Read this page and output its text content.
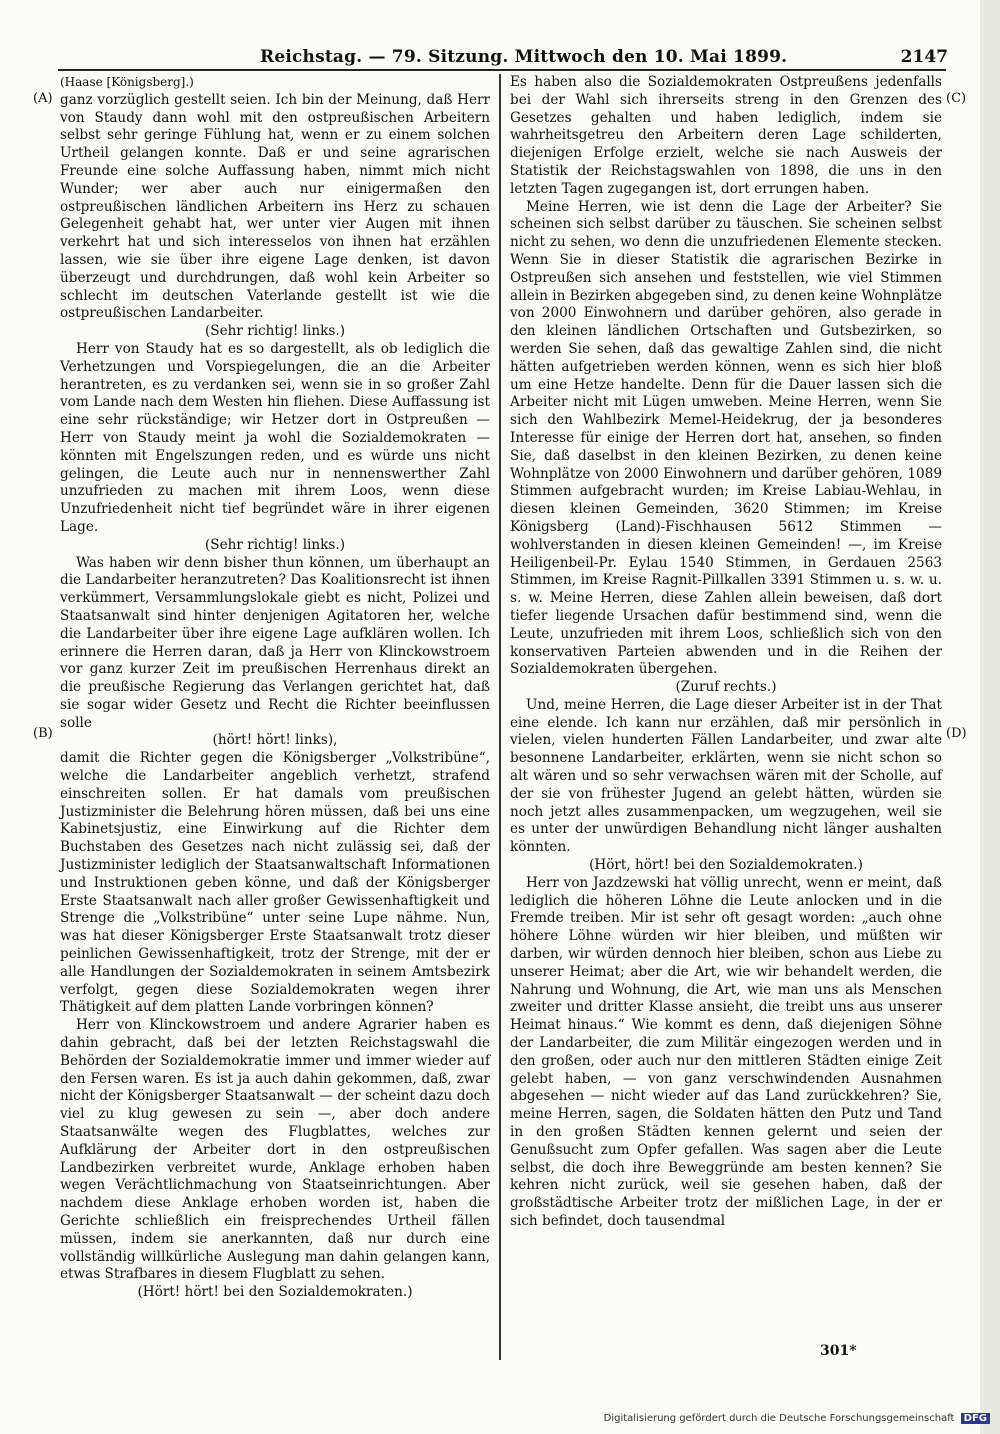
Reichstag. — 79. Sitzung. Mittwoch den 10. Mai 1899.	2147
(A)
(B)
(C)
(D)

(Haase [Königsberg].)

ganz vorzüglich gestellt seien. Ich bin der Meinung, daß Herr von Staudy dann wohl mit den ostpreußischen Arbeitern selbst sehr geringe Fühlung hat, wenn er zu einem solchen Urtheil gelangen konnte. Daß er und seine agrarischen Freunde eine solche Auffassung haben, nimmt mich nicht Wunder; wer aber auch nur einigermaßen den ostpreußischen ländlichen Arbeitern ins Herz zu schauen Gelegenheit gehabt hat, wer unter vier Augen mit ihnen verkehrt hat und sich interesselos von ihnen hat erzählen lassen, wie sie über ihre eigene Lage denken, ist davon überzeugt und durchdrungen, daß wohl kein Arbeiter so schlecht im deutschen Vaterlande gestellt ist wie die ostpreußischen Landarbeiter.

(Sehr richtig! links.)

Herr von Staudy hat es so dargestellt, als ob lediglich die Verhetzungen und Vorspiegelungen, die an die Arbeiter herantreten, es zu verdanken sei, wenn sie in so großer Zahl vom Lande nach dem Westen hin fliehen. Diese Auffassung ist eine sehr rückständige; wir Hetzer dort in Ostpreußen — Herr von Staudy meint ja wohl die Sozialdemokraten — könnten mit Engelszungen reden, und es würde uns nicht gelingen, die Leute auch nur in nennenswerther Zahl unzufrieden zu machen mit ihrem Loos, wenn diese Unzufriedenheit nicht tief begründet wäre in ihrer eigenen Lage.

(Sehr richtig! links.)

Was haben wir denn bisher thun können, um überhaupt an die Landarbeiter heranzutreten? Das Koalitionsrecht ist ihnen verkümmert, Versammlungslokale giebt es nicht, Polizei und Staatsanwalt sind hinter denjenigen Agitatoren her, welche die Landarbeiter über ihre eigene Lage aufklären wollen. Ich erinnere die Herren daran, daß ja Herr von Klinckowstroem vor ganz kurzer Zeit im preußischen Herrenhaus direkt an die preußische Regierung das Verlangen gerichtet hat, daß sie sogar wider Gesetz und Recht die Richter beeinflussen solle

(hört! hört! links),

damit die Richter gegen die Königsberger „Volkstribüne“, welche die Landarbeiter angeblich verhetzt, strafend einschreiten sollen. Er hat damals vom preußischen Justizminister die Belehrung hören müssen, daß bei uns eine Kabinetsjustiz, eine Einwirkung auf die Richter dem Buchstaben des Gesetzes nach nicht zulässig sei, daß der Justizminister lediglich der Staatsanwaltschaft Informationen und Instruktionen geben könne, und daß der Königsberger Erste Staatsanwalt nach aller großer Gewissenhaftigkeit und Strenge die „Volkstribüne“ unter seine Lupe nähme. Nun, was hat dieser Königsberger Erste Staatsanwalt trotz dieser peinlichen Gewissenhaftigkeit, trotz der Strenge, mit der er alle Handlungen der Sozialdemokraten in seinem Amtsbezirk verfolgt, gegen diese Sozialdemokraten wegen ihrer Thätigkeit auf dem platten Lande vorbringen können?

Herr von Klinckowstroem und andere Agrarier haben es dahin gebracht, daß bei der letzten Reichstagswahl die Behörden der Sozialdemokratie immer und immer wieder auf den Fersen waren. Es ist ja auch dahin gekommen, daß, zwar nicht der Königsberger Staatsanwalt — der scheint dazu doch viel zu klug gewesen zu sein —, aber doch andere Staatsanwälte wegen des Flugblattes, welches zur Aufklärung der Arbeiter dort in den ostpreußischen Landbezirken verbreitet wurde, Anklage erhoben haben wegen Verächtlichmachung von Staatseinrichtungen. Aber nachdem diese Anklage erhoben worden ist, haben die Gerichte schließlich ein freisprechendes Urtheil fällen müssen, indem sie anerkannten, daß nur durch eine vollständig willkürliche Auslegung man dahin gelangen kann, etwas Strafbares in diesem Flugblatt zu sehen.

(Hört! hört! bei den Sozialdemokraten.)

Es haben also die Sozialdemokraten Ostpreußens jedenfalls bei der Wahl sich ihrerseits streng in den Grenzen des Gesetzes gehalten und haben lediglich, indem sie wahrheitsgetreu den Arbeitern deren Lage schilderten, diejenigen Erfolge erzielt, welche sie nach Ausweis der Statistik der Reichstagswahlen von 1898, die uns in den letzten Tagen zugegangen ist, dort errungen haben.

Meine Herren, wie ist denn die Lage der Arbeiter? Sie scheinen sich selbst darüber zu täuschen. Sie scheinen selbst nicht zu sehen, wo denn die unzufriedenen Elemente stecken. Wenn Sie in dieser Statistik die agrarischen Bezirke in Ostpreußen sich ansehen und feststellen, wie viel Stimmen allein in Bezirken abgegeben sind, zu denen keine Wohnplätze von 2000 Einwohnern und darüber gehören, also gerade in den kleinen ländlichen Ortschaften und Gutsbezirken, so werden Sie sehen, daß das gewaltige Zahlen sind, die nicht hätten aufgetrieben werden können, wenn es sich hier bloß um eine Hetze handelte. Denn für die Dauer lassen sich die Arbeiter nicht mit Lügen umweben. Meine Herren, wenn Sie sich den Wahlbezirk Memel-Heidekrug, der ja besonderes Interesse für einige der Herren dort hat, ansehen, so finden Sie, daß daselbst in den kleinen Bezirken, zu denen keine Wohnplätze von 2000 Einwohnern und darüber gehören, 1089 Stimmen aufgebracht wurden; im Kreise Labiau-Wehlau, in diesen kleinen Gemeinden, 3620 Stimmen; im Kreise Königsberg (Land)-Fischhausen 5612 Stimmen — wohlverstanden in diesen kleinen Gemeinden! —, im Kreise Heiligenbeil-Pr. Eylau 1540 Stimmen, in Gerdauen 2563 Stimmen, im Kreise Ragnit-Pillkallen 3391 Stimmen u. s. w. u. s. w. Meine Herren, diese Zahlen allein beweisen, daß dort tiefer liegende Ursachen dafür bestimmend sind, wenn die Leute, unzufrieden mit ihrem Loos, schließlich sich von den konservativen Parteien abwenden und in die Reihen der Sozialdemokraten übergehen.

(Zuruf rechts.)

Und, meine Herren, die Lage dieser Arbeiter ist in der That eine elende. Ich kann nur erzählen, daß mir persönlich in vielen, vielen hunderten Fällen Landarbeiter, und zwar alte besonnene Landarbeiter, erklärten, wenn sie nicht schon so alt wären und so sehr verwachsen wären mit der Scholle, auf der sie von frühester Jugend an gelebt hätten, würden sie noch jetzt alles zusammenpacken, um wegzugehen, weil sie es unter der unwürdigen Behandlung nicht länger aushalten könnten.

(Hört, hört! bei den Sozialdemokraten.)

Herr von Jazdzewski hat völlig unrecht, wenn er meint, daß lediglich die höheren Löhne die Leute anlocken und in die Fremde treiben. Mir ist sehr oft gesagt worden: „auch ohne höhere Löhne würden wir hier bleiben, und müßten wir darben, wir würden dennoch hier bleiben, schon aus Liebe zu unserer Heimat; aber die Art, wie wir behandelt werden, die Nahrung und Wohnung, die Art, wie man uns als Menschen zweiter und dritter Klasse ansieht, die treibt uns aus unserer Heimat hinaus.“ Wie kommt es denn, daß diejenigen Söhne der Landarbeiter, die zum Militär eingezogen werden und in den großen, oder auch nur den mittleren Städten einige Zeit gelebt haben, — von ganz verschwindenden Ausnahmen abgesehen — nicht wieder auf das Land zurückkehren? Sie, meine Herren, sagen, die Soldaten hätten den Putz und Tand in den großen Städten kennen gelernt und seien der Genußsucht zum Opfer gefallen. Was sagen aber die Leute selbst, die doch ihre Beweggründe am besten kennen? Sie kehren nicht zurück, weil sie gesehen haben, daß der großstädtische Arbeiter trotz der mißlichen Lage, in der er sich befindet, doch tausendmal

301*
Digitalisierung gefördert durch die Deutsche Forschungsgemeinschaft DFG
